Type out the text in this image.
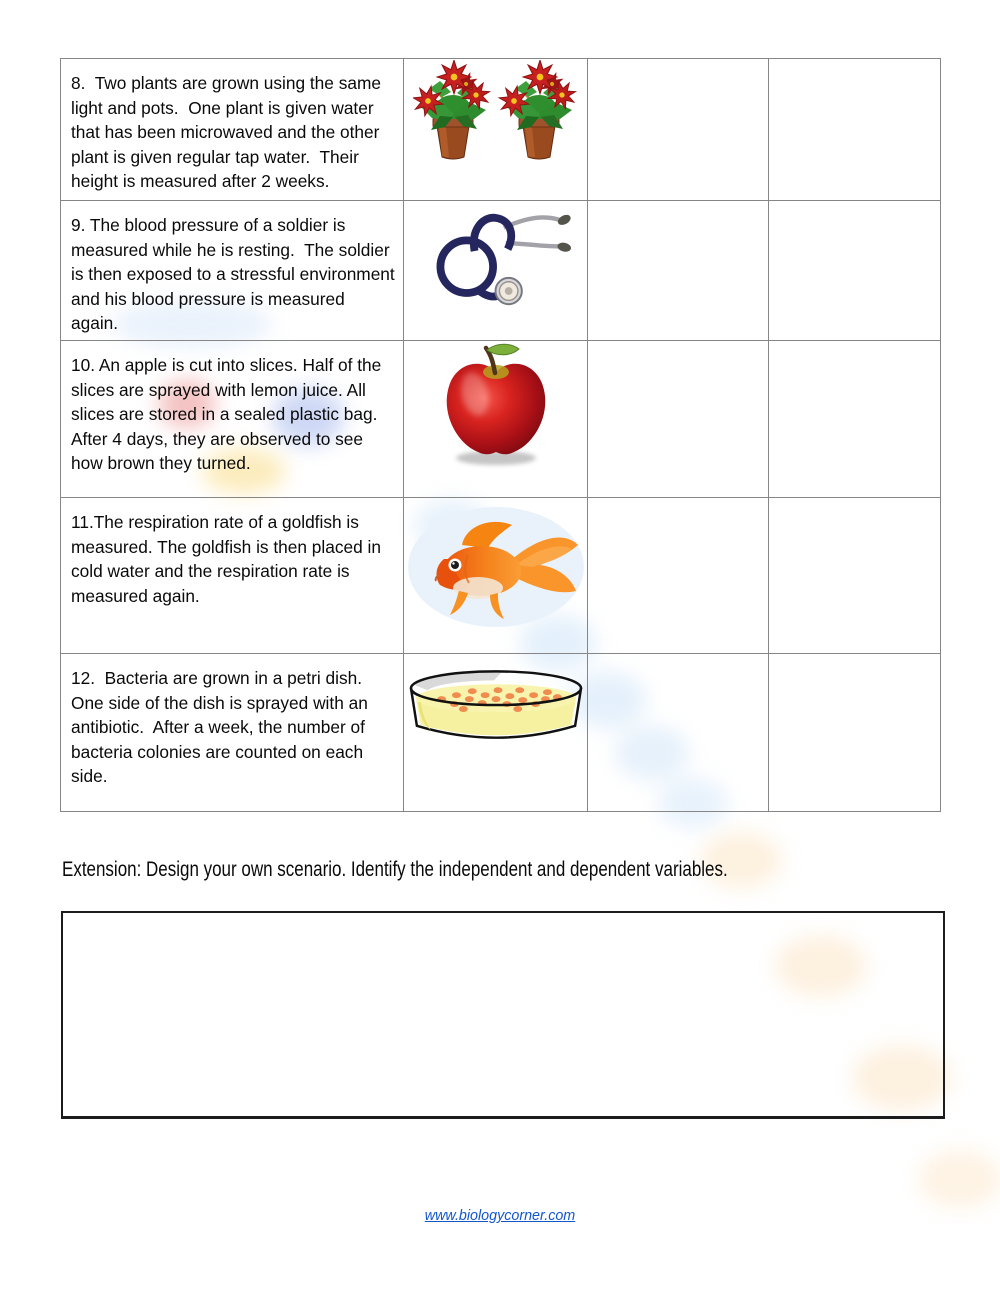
8.  Two plants are grown using the same light and pots.  One plant is given water that has been microwaved and the other plant is given regular tap water.  Their height is measured after 2 weeks.

9. The blood pressure of a soldier is measured while he is resting.  The soldier is then exposed to a stressful environment and his blood pressure is measured again.

10. An apple is cut into slices. Half of the slices are sprayed with lemon juice. All slices are stored in a sealed plastic bag. After 4 days, they are observed to see how brown they turned.

11.The respiration rate of a goldfish is measured. The goldfish is then placed in cold water and the respiration rate is measured again.

12.  Bacteria are grown in a petri dish. One side of the dish is sprayed with an antibiotic.  After a week, the number of bacteria colonies are counted on each side.

Extension: Design your own scenario. Identify the independent and dependent variables.

www.biologycorner.com
